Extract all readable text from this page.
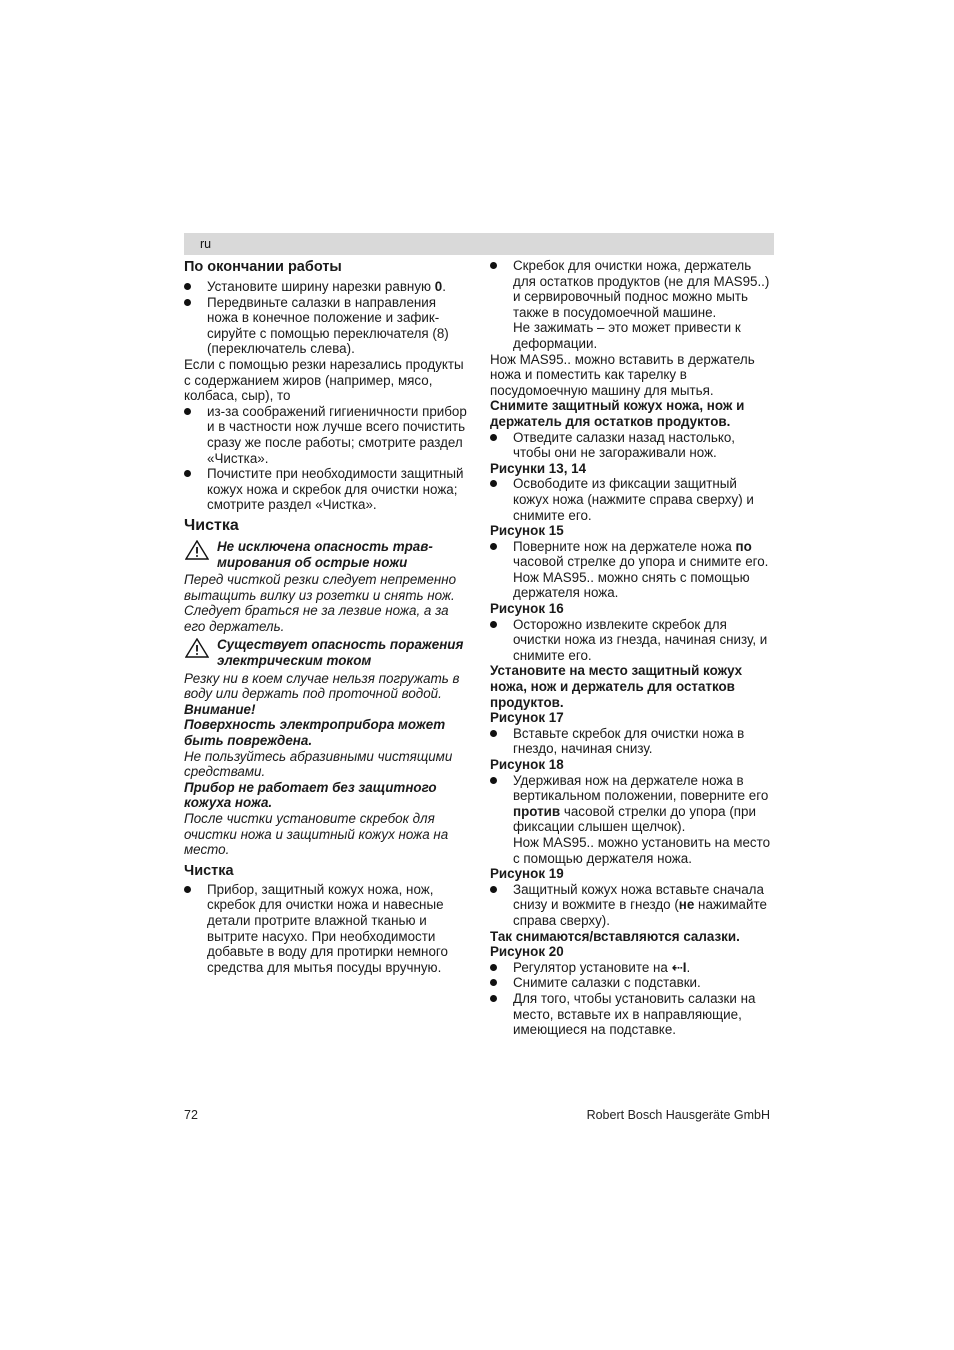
ru

По окончании работы

Установите ширину нарезки равную 0.
Передвиньте салазки в направления ножа в конечное положение и зафиксируйте с помощью переключателя (8) (переключатель слева).

Если с помощью резки нарезались продукты с содержанием жиров (например, мясо, колбаса, сыр), то

из-за соображений гигиеничности прибор и в частности нож лучше всего почистить сразу же после работы; смотрите раздел «Чистка».
Почистите при необходимости защитный кожух ножа и скребок для очистки ножа; смотрите раздел «Чистка».

Чистка

Не исключена опасность травмирования об острые ножи

Перед чисткой резки следует непременно вытащить вилку из розетки и снять нож.

Следует браться не за лезвие ножа, а за его держатель.

Существует опасность поражения электрическим током

Резку ни в коем случае нельзя погружать в воду или держать под проточной водой.

Внимание!

Поверхность электроприбора может быть повреждена.

Не пользуйтесь абразивными чистящими средствами.

Прибор не работает без защитного кожуха ножа.

После чистки установите скребок для очистки ножа и защитный кожух ножа на место.

Чистка

Прибор, защитный кожух ножа, нож, скребок для очистки ножа и навесные детали протрите влажной тканью и вытрите насухо. При необходимости добавьте в воду для протирки немного средства для мытья посуды вручную.
Скребок для очистки ножа, держатель для остатков продуктов (не для MAS95..) и сервировочный поднос можно мыть также в посудомоечной машине.
Не зажимать – это может привести к деформации.

Нож MAS95.. можно вставить в держатель ножа и поместить как тарелку в посудомоечную машину для мытья.

Снимите защитный кожух ножа, нож и держатель для остатков продуктов.

Отведите салазки назад настолько, чтобы они не загораживали нож.

Рисунки 13, 14

Освободите из фиксации защитный кожух ножа (нажмите справа сверху) и снимите его.

Рисунок 15

Поверните нож на держателе ножа по часовой стрелке до упора и снимите его.
Нож MAS95.. можно снять с помощью держателя ножа.

Рисунок 16

Осторожно извлеките скребок для очистки ножа из гнезда, начиная снизу, и снимите его.

Установите на место защитный кожух ножа, нож и держатель для остатков продуктов.

Рисунок 17

Вставьте скребок для очистки ножа в гнездо, начиная снизу.

Рисунок 18

Удерживая нож на держателе ножа в вертикальном положении, поверните его против часовой стрелки до упора (при фиксации слышен щелчок).
Нож MAS95.. можно установить на место с помощью держателя ножа.

Рисунок 19

Защитный кожух ножа вставьте сначала снизу и вожмите в гнездо (не нажимайте справа сверху).

Так снимаются/вставляются салазки.

Рисунок 20

Регулятор установите на ⇠I.
Снимите салазки с подставки.
Для того, чтобы установить салазки на место, вставьте их в направляющие, имеющиеся на подставке.
72	Robert Bosch Hausgeräte GmbH
